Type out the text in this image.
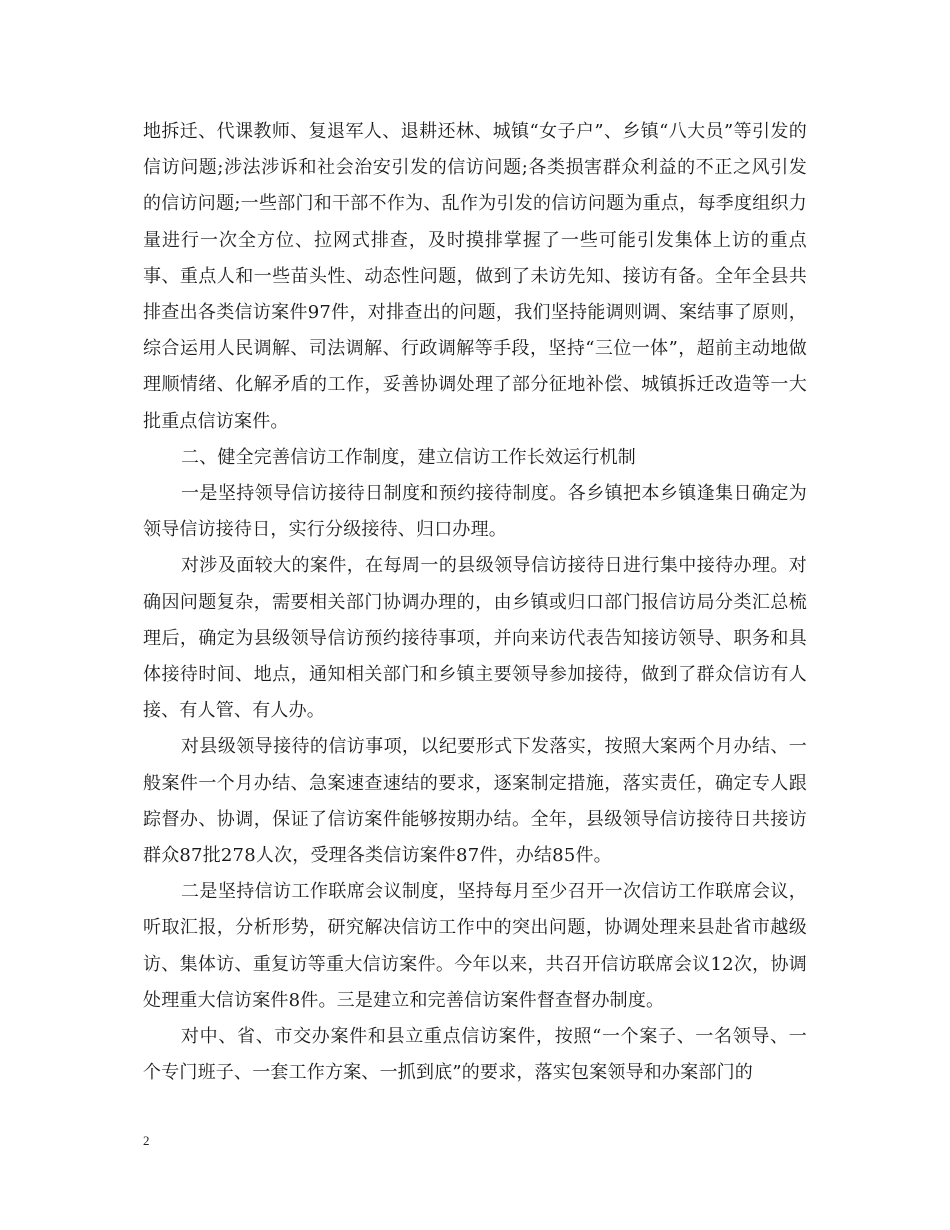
地拆迁、代课教师、复退军人、退耕还林、城镇“女子户”、乡镇“八大员”等引发的信访问题;涉法涉诉和社会治安引发的信访问题;各类损害群众利益的不正之风引发的信访问题;一些部门和干部不作为、乱作为引发的信访问题为重点，每季度组织力量进行一次全方位、拉网式排查，及时摸排掌握了一些可能引发集体上访的重点事、重点人和一些苗头性、动态性问题，做到了未访先知、接访有备。全年全县共排查出各类信访案件97件，对排查出的问题，我们坚持能调则调、案结事了原则，综合运用人民调解、司法调解、行政调解等手段，坚持“三位一体”，超前主动地做理顺情绪、化解矛盾的工作，妥善协调处理了部分征地补偿、城镇拆迁改造等一大批重点信访案件。

二、健全完善信访工作制度，建立信访工作长效运行机制

一是坚持领导信访接待日制度和预约接待制度。各乡镇把本乡镇逢集日确定为领导信访接待日，实行分级接待、归口办理。

对涉及面较大的案件，在每周一的县级领导信访接待日进行集中接待办理。对确因问题复杂，需要相关部门协调办理的，由乡镇或归口部门报信访局分类汇总梳理后，确定为县级领导信访预约接待事项，并向来访代表告知接访领导、职务和具体接待时间、地点，通知相关部门和乡镇主要领导参加接待，做到了群众信访有人接、有人管、有人办。

对县级领导接待的信访事项，以纪要形式下发落实，按照大案两个月办结、一般案件一个月办结、急案速查速结的要求，逐案制定措施，落实责任，确定专人跟踪督办、协调，保证了信访案件能够按期办结。全年，县级领导信访接待日共接访群众87批278人次，受理各类信访案件87件，办结85件。

二是坚持信访工作联席会议制度，坚持每月至少召开一次信访工作联席会议，听取汇报，分析形势，研究解决信访工作中的突出问题，协调处理来县赴省市越级访、集体访、重复访等重大信访案件。今年以来，共召开信访联席会议12次，协调处理重大信访案件8件。三是建立和完善信访案件督查督办制度。

对中、省、市交办案件和县立重点信访案件，按照“一个案子、一名领导、一个专门班子、一套工作方案、一抓到底”的要求，落实包案领导和办案部门的

2
